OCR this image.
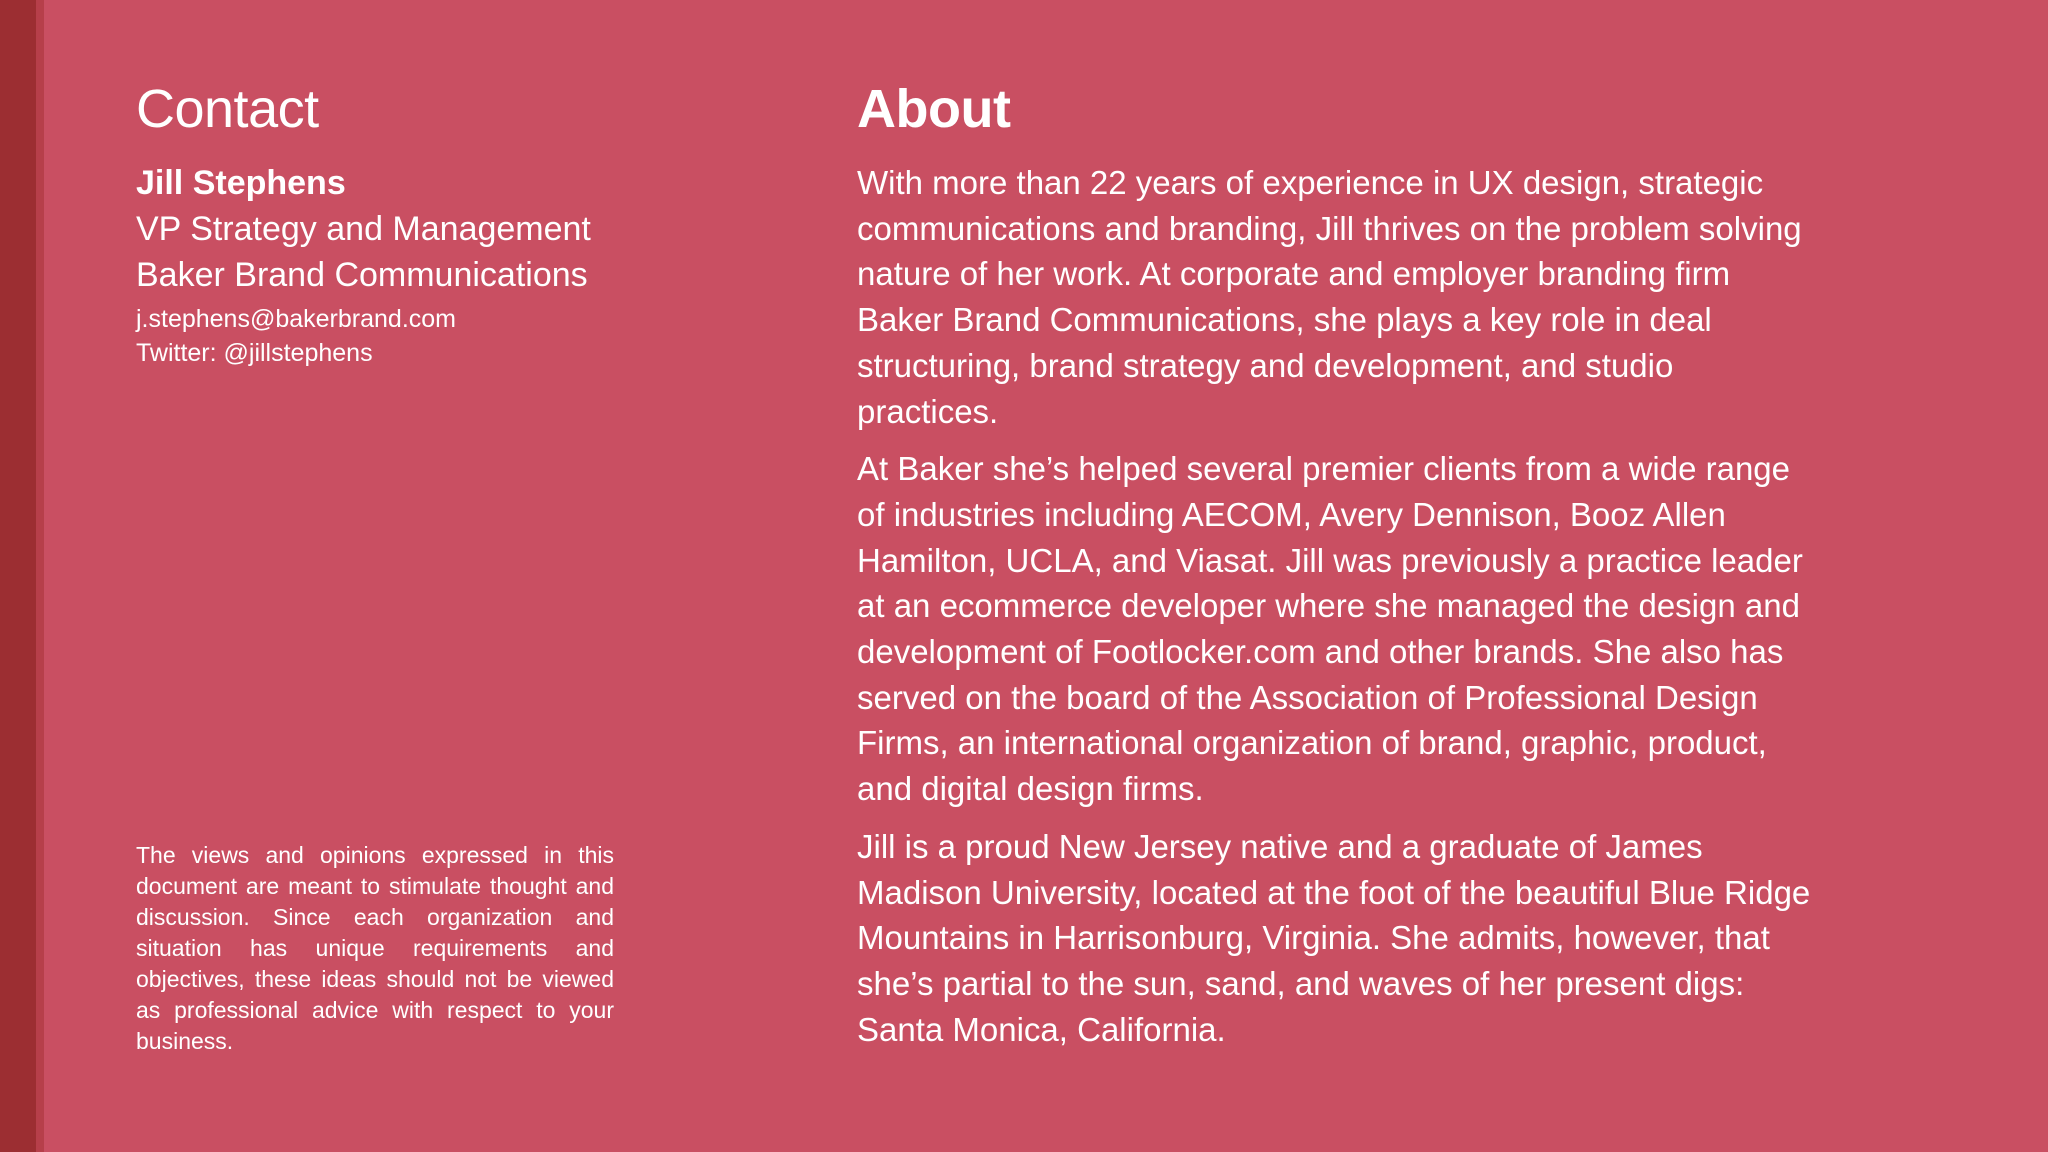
Contact
Jill Stephens
VP Strategy and Management
Baker Brand Communications
j.stephens@bakerbrand.com
Twitter: @jillstephens
The views and opinions expressed in this document are meant to stimulate thought and discussion. Since each organization and situation has unique requirements and objectives, these ideas should not be viewed as professional advice with respect to your business.
About

With more than 22 years of experience in UX design, strategic communications and branding, Jill thrives on the problem solving nature of her work. At corporate and employer branding firm Baker Brand Communications, she plays a key role in deal structuring, brand strategy and development, and studio practices.

At Baker she’s helped several premier clients from a wide range of industries including AECOM, Avery Dennison, Booz Allen Hamilton, UCLA, and Viasat. Jill was previously a practice leader at an ecommerce developer where she managed the design and development of Footlocker.com and other brands. She also has served on the board of the Association of Professional Design Firms, an international organization of brand, graphic, product, and digital design firms.

Jill is a proud New Jersey native and a graduate of James Madison University, located at the foot of the beautiful Blue Ridge Mountains in Harrisonburg, Virginia. She admits, however, that she’s partial to the sun, sand, and waves of her present digs: Santa Monica, California.
